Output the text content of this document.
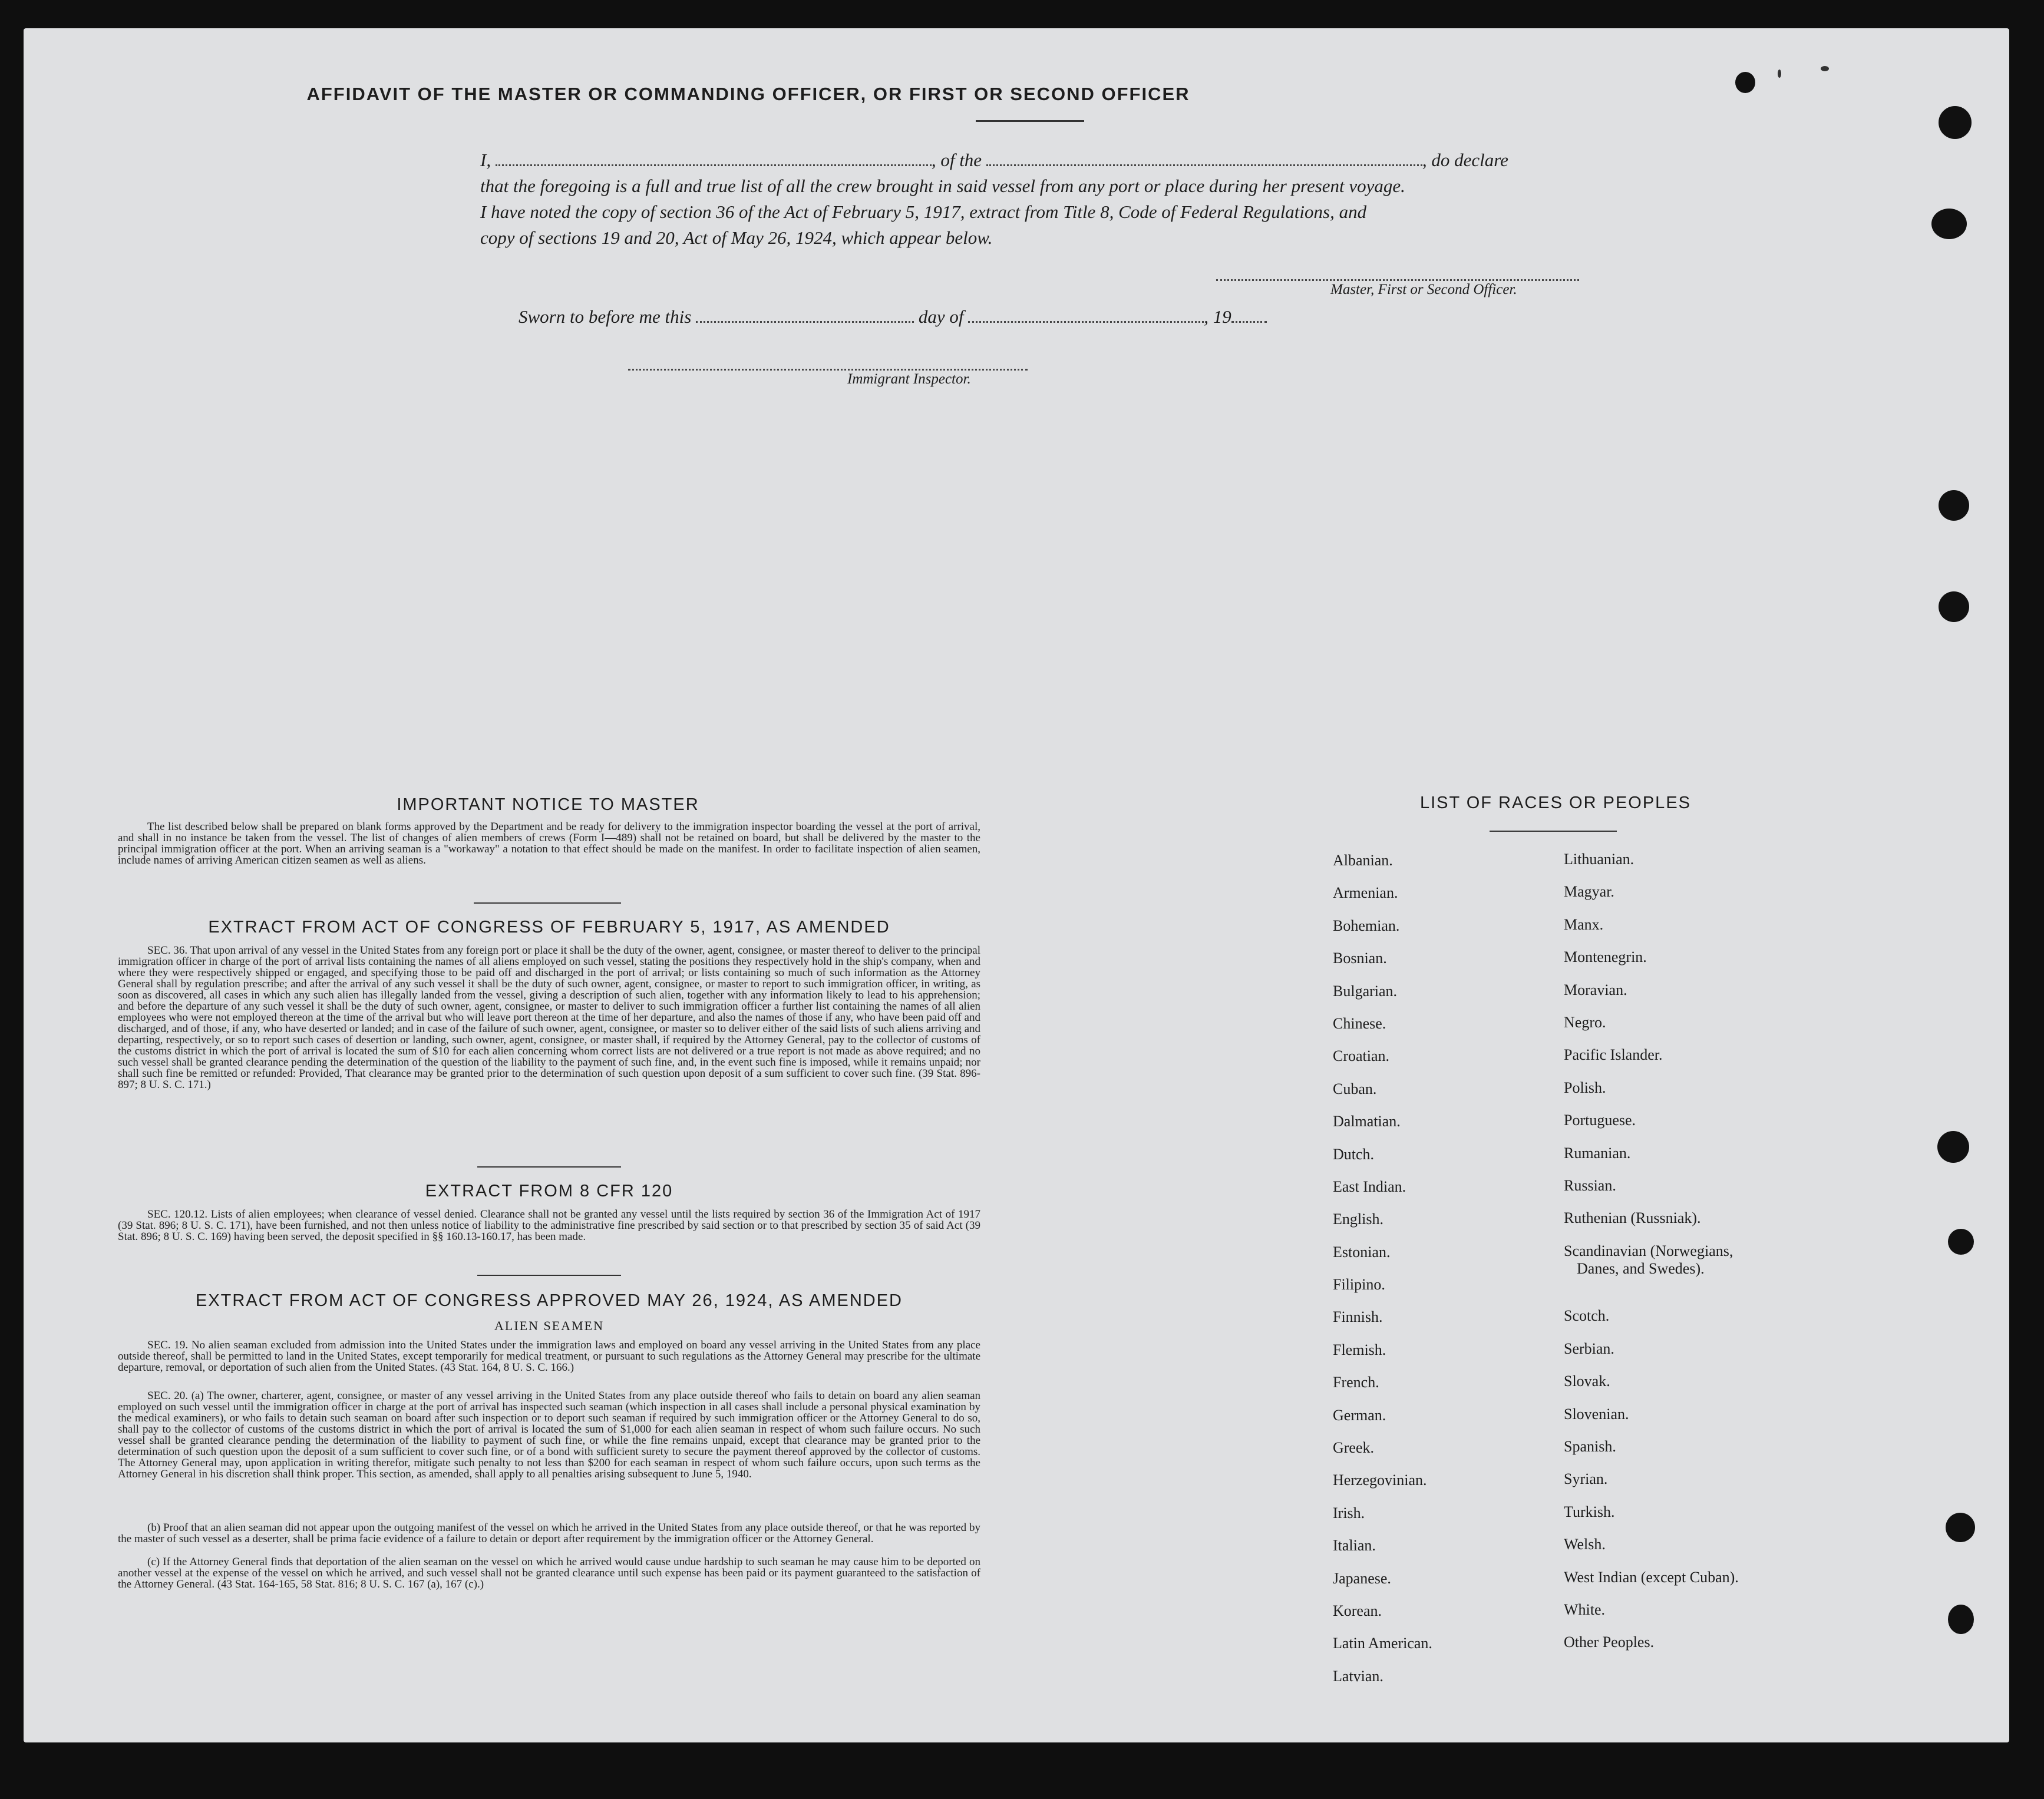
AFFIDAVIT OF THE MASTER OR COMMANDING OFFICER, OR FIRST OR SECOND OFFICER
I,	, of the	, do declare
that the foregoing is a full and true list of all the crew brought in said vessel from any port or place during her present voyage.
I have noted the copy of section 36 of the Act of February 5, 1917, extract from Title 8, Code of Federal Regulations, and
copy of sections 19 and 20, Act of May 26, 1924, which appear below.
Master, First or Second Officer.
Sworn to before me this	day of	, 19
Immigrant Inspector.
IMPORTANT NOTICE TO MASTER
The list described below shall be prepared on blank forms approved by the Department and be ready for delivery to the immigration inspector boarding the vessel at the port of arrival, and shall in no instance be taken from the vessel. The list of changes of alien members of crews (Form I—489) shall not be retained on board, but shall be delivered by the master to the principal immigration officer at the port. When an arriving seaman is a "workaway" a notation to that effect should be made on the manifest. In order to facilitate inspection of alien seamen, include names of arriving American citizen seamen as well as aliens.
EXTRACT FROM ACT OF CONGRESS OF FEBRUARY 5, 1917, AS AMENDED
SEC. 36. That upon arrival of any vessel in the United States from any foreign port or place it shall be the duty of the owner, agent, consignee, or master thereof to deliver to the principal immigration officer in charge of the port of arrival lists containing the names of all aliens employed on such vessel, stating the positions they respectively hold in the ship's company, when and where they were respectively shipped or engaged, and specifying those to be paid off and discharged in the port of arrival; or lists containing so much of such information as the Attorney General shall by regulation prescribe; and after the arrival of any such vessel it shall be the duty of such owner, agent, consignee, or master to report to such immigration officer, in writing, as soon as discovered, all cases in which any such alien has illegally landed from the vessel, giving a description of such alien, together with any information likely to lead to his apprehension; and before the departure of any such vessel it shall be the duty of such owner, agent, consignee, or master to deliver to such immigration officer a further list containing the names of all alien employees who were not employed thereon at the time of the arrival but who will leave port thereon at the time of her departure, and also the names of those if any, who have been paid off and discharged, and of those, if any, who have deserted or landed; and in case of the failure of such owner, agent, consignee, or master so to deliver either of the said lists of such aliens arriving and departing, respectively, or so to report such cases of desertion or landing, such owner, agent, consignee, or master shall, if required by the Attorney General, pay to the collector of customs of the customs district in which the port of arrival is located the sum of $10 for each alien concerning whom correct lists are not delivered or a true report is not made as above required; and no such vessel shall be granted clearance pending the determination of the question of the liability to the payment of such fine, and, in the event such fine is imposed, while it remains unpaid; nor shall such fine be remitted or refunded: Provided, That clearance may be granted prior to the determination of such question upon deposit of a sum sufficient to cover such fine. (39 Stat. 896-897; 8 U. S. C. 171.)
EXTRACT FROM 8 CFR 120
SEC. 120.12. Lists of alien employees; when clearance of vessel denied. Clearance shall not be granted any vessel until the lists required by section 36 of the Immigration Act of 1917 (39 Stat. 896; 8 U. S. C. 171), have been furnished, and not then unless notice of liability to the administrative fine prescribed by said section or to that prescribed by section 35 of said Act (39 Stat. 896; 8 U. S. C. 169) having been served, the deposit specified in §§ 160.13-160.17, has been made.
EXTRACT FROM ACT OF CONGRESS APPROVED MAY 26, 1924, AS AMENDED
ALIEN SEAMEN
SEC. 19. No alien seaman excluded from admission into the United States under the immigration laws and employed on board any vessel arriving in the United States from any place outside thereof, shall be permitted to land in the United States, except temporarily for medical treatment, or pursuant to such regulations as the Attorney General may prescribe for the ultimate departure, removal, or deportation of such alien from the United States. (43 Stat. 164, 8 U. S. C. 166.)
SEC. 20. (a) The owner, charterer, agent, consignee, or master of any vessel arriving in the United States from any place outside thereof who fails to detain on board any alien seaman employed on such vessel until the immigration officer in charge at the port of arrival has inspected such seaman (which inspection in all cases shall include a personal physical examination by the medical examiners), or who fails to detain such seaman on board after such inspection or to deport such seaman if required by such immigration officer or the Attorney General to do so, shall pay to the collector of customs of the customs district in which the port of arrival is located the sum of $1,000 for each alien seaman in respect of whom such failure occurs. No such vessel shall be granted clearance pending the determination of the liability to payment of such fine, or while the fine remains unpaid, except that clearance may be granted prior to the determination of such question upon the deposit of a sum sufficient to cover such fine, or of a bond with sufficient surety to secure the payment thereof approved by the collector of customs. The Attorney General may, upon application in writing therefor, mitigate such penalty to not less than $200 for each seaman in respect of whom such failure occurs, upon such terms as the Attorney General in his discretion shall think proper. This section, as amended, shall apply to all penalties arising subsequent to June 5, 1940.
(b) Proof that an alien seaman did not appear upon the outgoing manifest of the vessel on which he arrived in the United States from any place outside thereof, or that he was reported by the master of such vessel as a deserter, shall be prima facie evidence of a failure to detain or deport after requirement by the immigration officer or the Attorney General.
(c) If the Attorney General finds that deportation of the alien seaman on the vessel on which he arrived would cause undue hardship to such seaman he may cause him to be deported on another vessel at the expense of the vessel on which he arrived, and such vessel shall not be granted clearance until such expense has been paid or its payment guaranteed to the satisfaction of the Attorney General. (43 Stat. 164-165, 58 Stat. 816; 8 U. S. C. 167 (a), 167 (c).)
LIST OF RACES OR PEOPLES
Albanian.
Armenian.
Bohemian.
Bosnian.
Bulgarian.
Chinese.
Croatian.
Cuban.
Dalmatian.
Dutch.
East Indian.
English.
Estonian.
Filipino.
Finnish.
Flemish.
French.
German.
Greek.
Herzegovinian.
Irish.
Italian.
Japanese.
Korean.
Latin American.
Latvian.
Lithuanian.
Magyar.
Manx.
Montenegrin.
Moravian.
Negro.
Pacific Islander.
Polish.
Portuguese.
Rumanian.
Russian.
Ruthenian (Russniak).
Scandinavian (Norwegians,
Danes, and Swedes).
Scotch.
Serbian.
Slovak.
Slovenian.
Spanish.
Syrian.
Turkish.
Welsh.
West Indian (except Cuban).
White.
Other Peoples.
